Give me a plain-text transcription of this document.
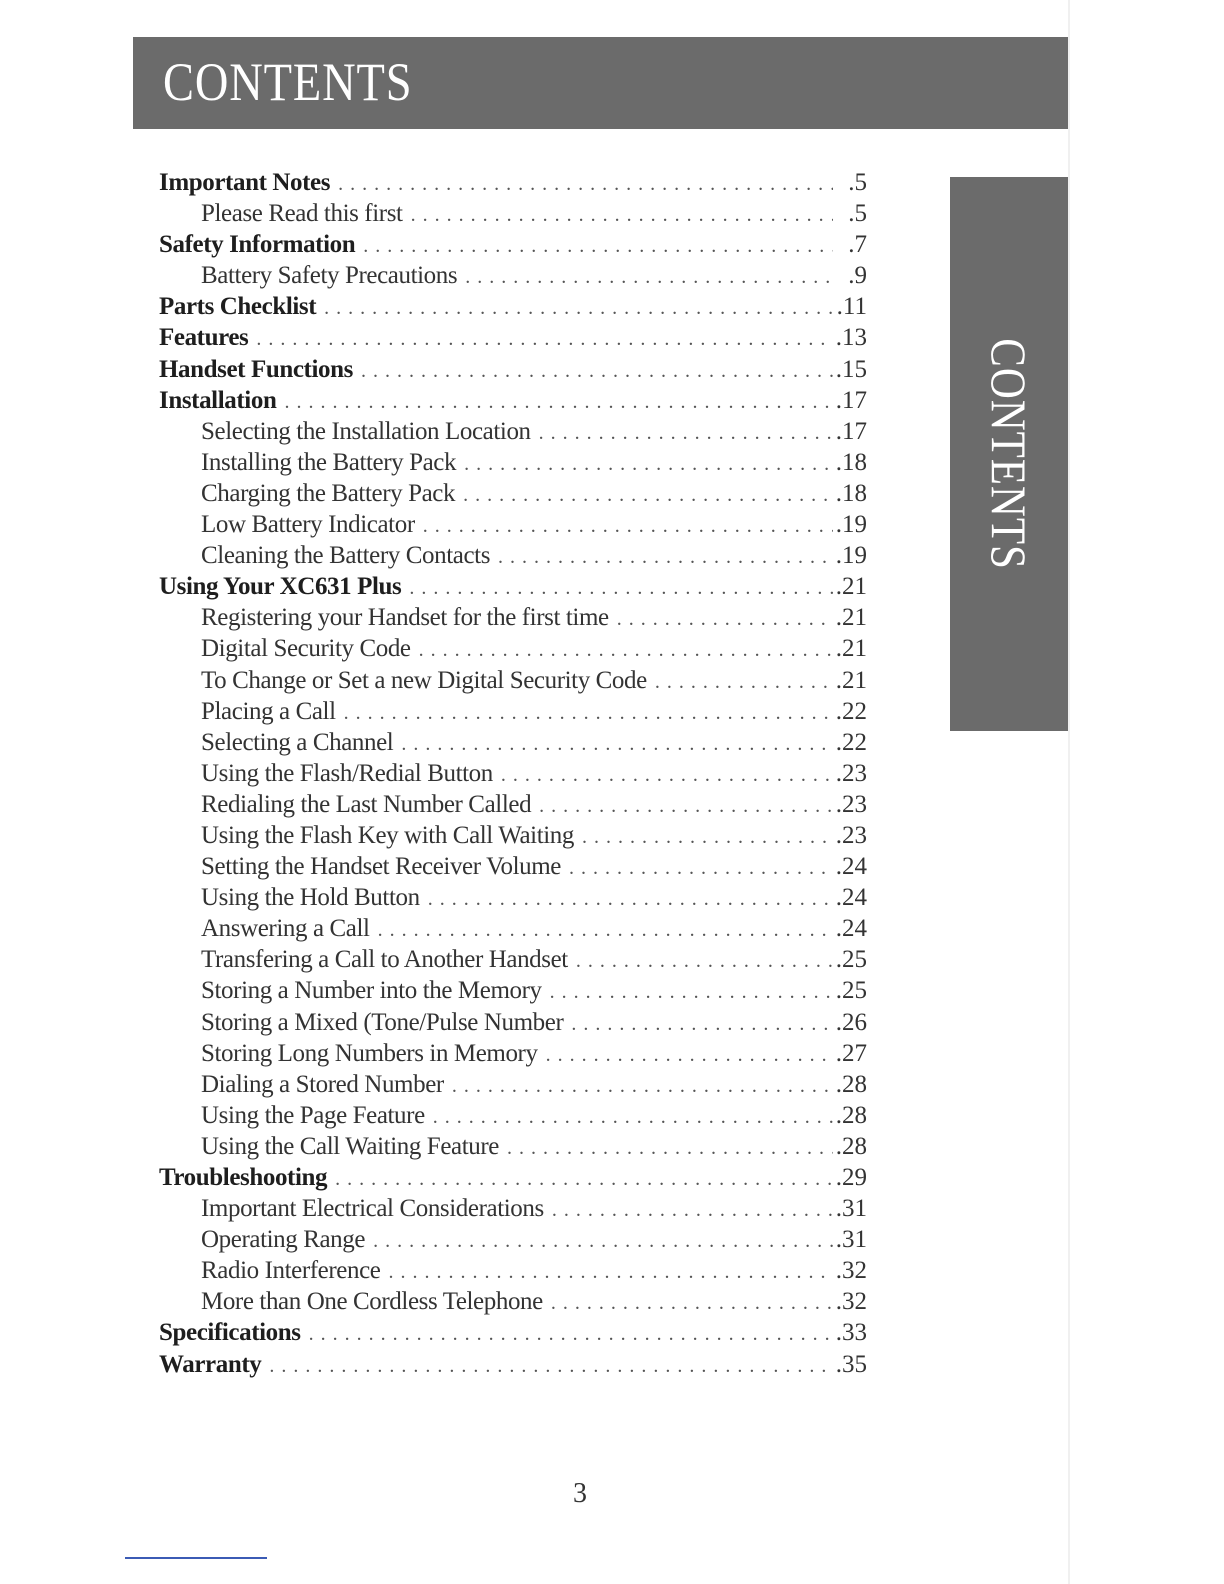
CONTENTS
CONTENTS
Important Notes . . .	.5
Please Read this first . . .	.5
Safety Information . . .	.7
Battery Safety Precautions . . .	.9
Parts Checklist . . .	.11
Features . . .	.13
Handset Functions . . .	.15
Installation . . .	.17
Selecting the Installation Location . . .	.17
Installing the Battery Pack . . .	.18
Charging the Battery Pack . . .	.18
Low Battery Indicator . . .	.19
Cleaning the Battery Contacts . . .	.19
Using Your XC631 Plus . . .	.21
Registering your Handset for the first time . . .	.21
Digital Security Code . . .	.21
To Change or Set a new Digital Security Code . . .	.21
Placing a Call . . .	.22
Selecting a Channel . . .	.22
Using the Flash/Redial Button . . .	.23
Redialing the Last Number Called . . .	.23
Using the Flash Key with Call Waiting . . .	.23
Setting the Handset Receiver Volume . . .	.24
Using the Hold Button . . .	.24
Answering a Call . . .	.24
Transfering a Call to Another Handset . . .	.25
Storing a Number into the Memory . . .	.25
Storing a Mixed (Tone/Pulse Number . . .	.26
Storing Long Numbers in Memory . . .	.27
Dialing a Stored Number . . .	.28
Using the Page Feature . . .	.28
Using the Call Waiting Feature . . .	.28
Troubleshooting . . .	.29
Important Electrical Considerations . . .	.31
Operating Range . . .	.31
Radio Interference . . .	.32
More than One Cordless Telephone . . .	.32
Specifications . . .	.33
Warranty . . .	.35
3
